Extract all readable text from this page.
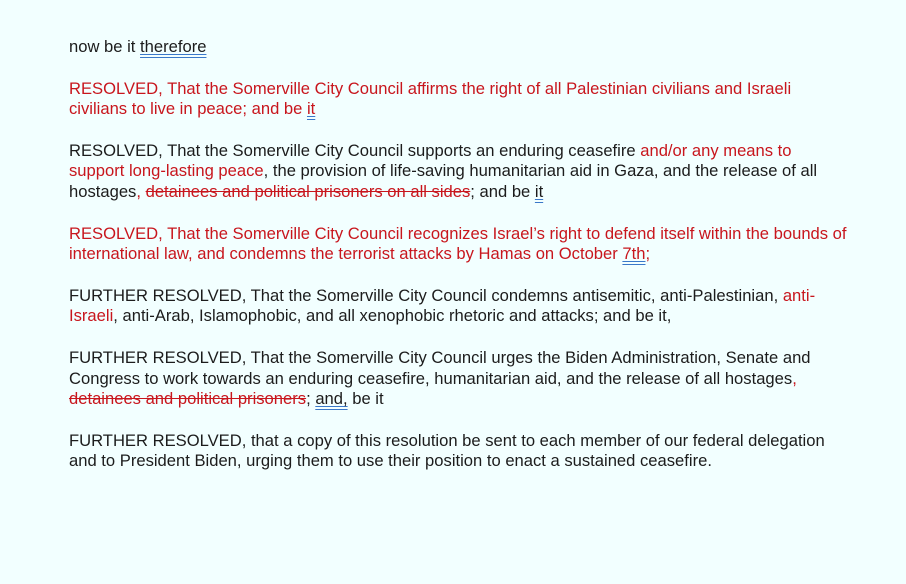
now be it therefore

RESOLVED, That the Somerville City Council affirms the right of all Palestinian civilians and Israeli civilians to live in peace; and be it

RESOLVED, That the Somerville City Council supports an enduring ceasefire and/or any means to support long-lasting peace, the provision of life-saving humanitarian aid in Gaza, and the release of all hostages, detainees and political prisoners on all sides; and be it

RESOLVED, That the Somerville City Council recognizes Israel’s right to defend itself within the bounds of international law, and condemns the terrorist attacks by Hamas on October 7th;

FURTHER RESOLVED, That the Somerville City Council condemns antisemitic, anti-Palestinian, anti-Israeli, anti-Arab, Islamophobic, and all xenophobic rhetoric and attacks; and be it,

FURTHER RESOLVED, That the Somerville City Council urges the Biden Administration, Senate and Congress to work towards an enduring ceasefire, humanitarian aid, and the release of all hostages, detainees and political prisoners; and, be it

FURTHER RESOLVED, that a copy of this resolution be sent to each member of our federal delegation and to President Biden, urging them to use their position to enact a sustained ceasefire.
